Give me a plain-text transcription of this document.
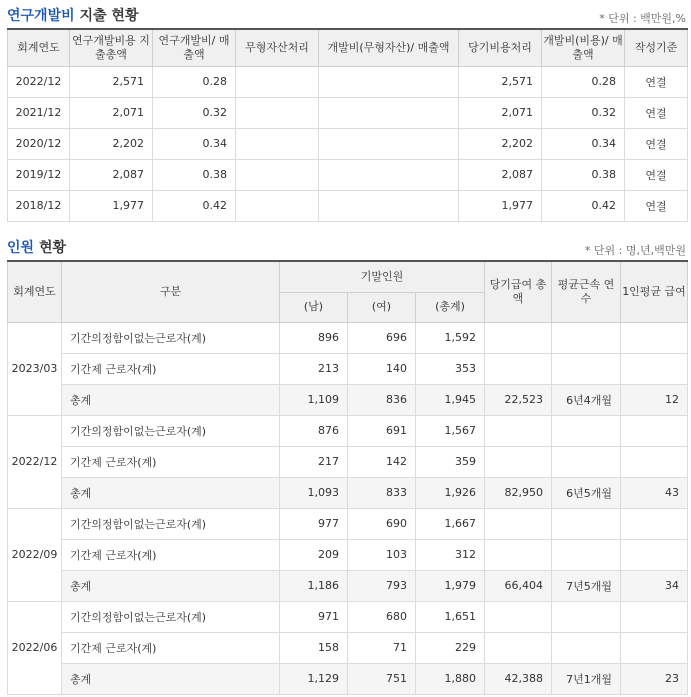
연구개발비 지출 현황	* 단위 : 백만원,%
회계연도	연구개발비용 지출총액	연구개발비/ 매출액	무형자산처리	개발비(무형자산)/ 매출액	당기비용처리	개발비(비용)/ 매출액	작성기준
2022/12	2,571	0.28			2,571	0.28	연결
2021/12	2,071	0.32			2,071	0.32	연결
2020/12	2,202	0.34			2,202	0.34	연결
2019/12	2,087	0.38			2,087	0.38	연결
2018/12	1,977	0.42			1,977	0.42	연결
인원 현황	* 단위 : 명,년,백만원
회계연도	구분	기말인원			당기급여 총액	평균근속 연수	1인평균 급여
		(남)	(여)	(총계)			
2023/03	기간의정함이없는근로자(계)	896	696	1,592			
	기간제 근로자(계)	213	140	353			
	총계	1,109	836	1,945	22,523	6년4개월	12
2022/12	기간의정함이없는근로자(계)	876	691	1,567			
	기간제 근로자(계)	217	142	359			
	총계	1,093	833	1,926	82,950	6년5개월	43
2022/09	기간의정함이없는근로자(계)	977	690	1,667			
	기간제 근로자(계)	209	103	312			
	총계	1,186	793	1,979	66,404	7년5개월	34
2022/06	기간의정함이없는근로자(계)	971	680	1,651			
	기간제 근로자(계)	158	71	229			
	총계	1,129	751	1,880	42,388	7년1개월	23
